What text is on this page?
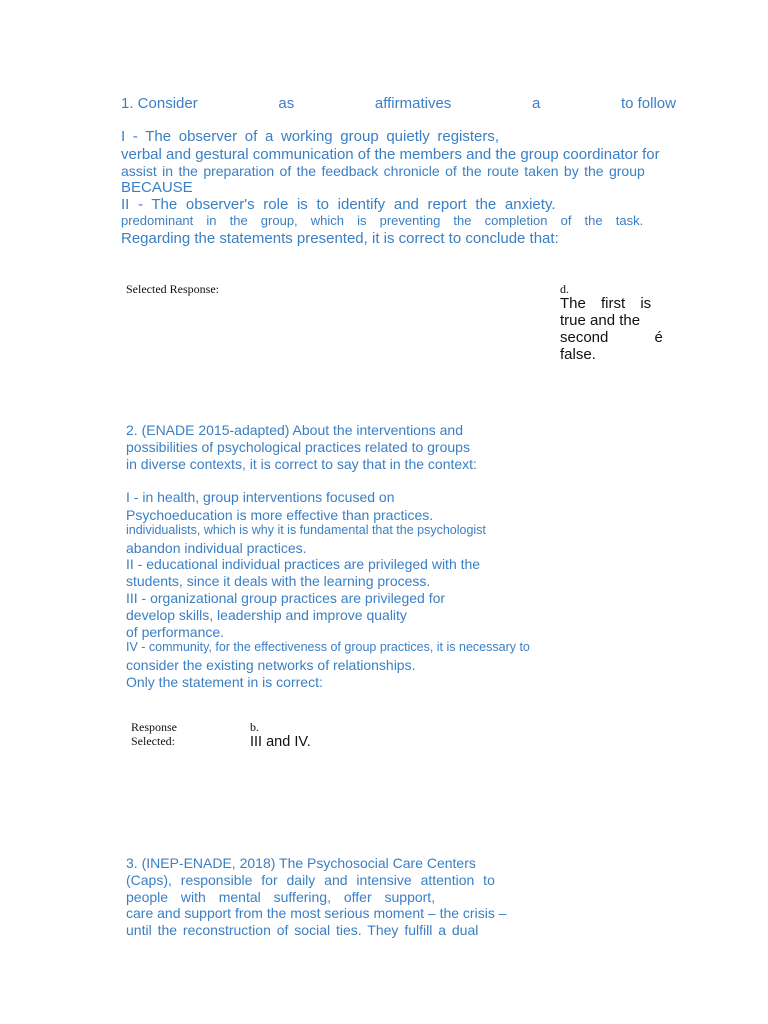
1. Consider	as	affirmatives	a	to follow
I - The observer of a working group quietly registers,
verbal and gestural communication of the members and the group coordinator for
assist in the preparation of the feedback chronicle of the route taken by the group
BECAUSE
II - The observer's role is to identify and report the anxiety.
predominant in the group, which is preventing the completion of the task.
Regarding the statements presented, it is correct to conclude that:
Selected Response:	d.
The first is
true and the
second é
false.
2. (ENADE 2015-adapted) About the interventions and
possibilities of psychological practices related to groups
in diverse contexts, it is correct to say that in the context:
I - in health, group interventions focused on
Psychoeducation is more effective than practices.
individualists, which is why it is fundamental that the psychologist
abandon individual practices.
II - educational individual practices are privileged with the
students, since it deals with the learning process.
III - organizational group practices are privileged for
develop skills, leadership and improve quality
of performance.
IV - community, for the effectiveness of group practices, it is necessary to
consider the existing networks of relationships.
Only the statement in is correct:
Response
Selected:
b.
III and IV.
3. (INEP-ENADE, 2018) The Psychosocial Care Centers
(Caps), responsible for daily and intensive attention to
people with mental suffering, offer support,
care and support from the most serious moment – the crisis –
until the reconstruction of social ties. They fulfill a dual
